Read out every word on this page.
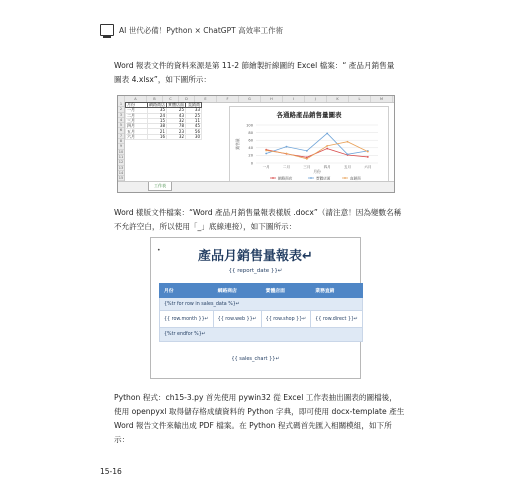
AI 世代必備！Python × ChatGPT 高效率工作術
Word 報表文件的資料來源是第 11-2 節繪製折線圖的 Excel 檔案：“ 產品月銷售量
圖表 4.xlsx”，如下圖所示：
A	B	C	D	E	F	G	H	I	J	K	L	M
1
2
3
4
5
6
7
8
9
10
11
12
13
14
15
月份	網路商店	實體店面	直銷商
一月	35	25	33
二月	24	43	25
三月	15	32	11
四月	38	78	45
五月	21	23	56
六月	16	32	30
各通路產品銷售量圖表
0
20
40
60
80
100
一月	二月	三月	四月	五月	六月
銷售量
月份
網路商店	實體店面	直銷商
工作表
Word 樣版文件檔案：“Word 產品月銷售量報表樣版 .docx”（請注意！因為變數名稱
不允許空白，所以使用「_」底線連接），如下圖所示：
•	產品月銷售量報表↵
{{ report_date }}↵
月份	網路商店	實體店面	業務直銷
{%tr for row in sales_data %}↵			
{{ row.month }}↵	{{ row.web }}↵	{{ row.shop }}↵	{{ row.direct }}↵
{%tr endfor %}↵			
{{ sales_chart }}↵
Python 程式：ch15-3.py 首先使用 pywin32 從 Excel 工作表抽出圖表的圖檔後，
使用 openpyxl 取得儲存格成績資料的 Python 字典，即可使用 docx-template 產生
Word 報告文件來輸出成 PDF 檔案。在 Python 程式碼首先匯入相關模組，如下所
示：
15-16
